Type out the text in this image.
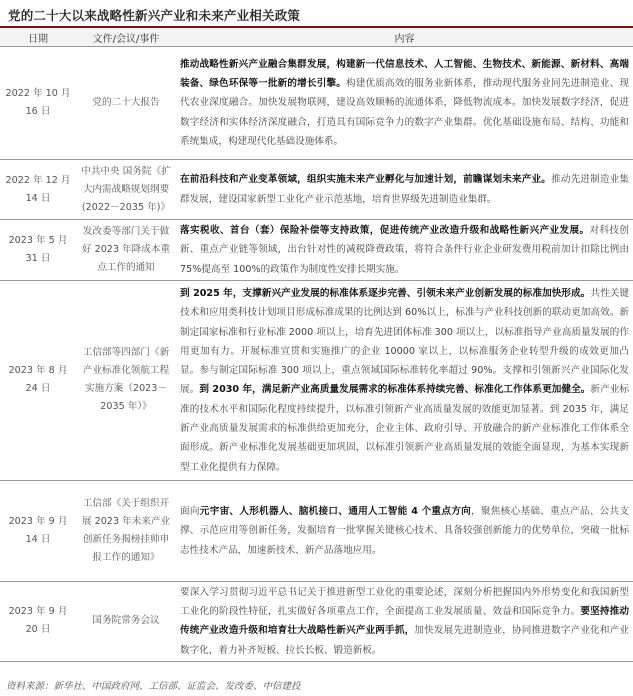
党的二十大以来战略性新兴产业和未来产业相关政策
日期	文件/会议/事件	内容
2022 年 10 月 16 日	党的二十大报告	推动战略性新兴产业融合集群发展，构建新一代信息技术、人工智能、生物技术、新能源、新材料、高端装备、绿色环保等一批新的增长引擎。构建优质高效的服务业新体系，推动现代服务业同先进制造业、现代农业深度融合。加快发展物联网，建设高效顺畅的流通体系，降低物流成本。加快发展数字经济，促进数字经济和实体经济深度融合，打造具有国际竞争力的数字产业集群。优化基础设施布局、结构、功能和系统集成，构建现代化基础设施体系。
2022 年 12 月 14 日	中共中央 国务院《扩大内需战略规划纲要(2022－2035 年)》	在前沿科技和产业变革领域，组织实施未来产业孵化与加速计划，前瞻谋划未来产业。推动先进制造业集群发展，建设国家新型工业化产业示范基地，培育世界级先进制造业集群。
2023 年 5 月 31 日	发改委等部门关于做好 2023 年降成本重点工作的通知	落实税收、首台（套）保险补偿等支持政策，促进传统产业改造升级和战略性新兴产业发展。对科技创新、重点产业链等领域，出台针对性的减税降费政策，将符合条件行业企业研发费用税前加计扣除比例由 75%提高至 100%的政策作为制度性安排长期实施。
2023 年 8 月 24 日	工信部等四部门《新产业标准化领航工程实施方案（2023－2035 年）》	到 2025 年，支撑新兴产业发展的标准体系逐步完善、引领未来产业创新发展的标准加快形成。共性关键技术和应用类科技计划项目形成标准成果的比例达到 60%以上，标准与产业科技创新的联动更加高效。新制定国家标准和行业标准 2000 项以上，培育先进团体标准 300 项以上，以标准指导产业高质量发展的作用更加有力。开展标准宣贯和实施推广的企业 10000 家以上，以标准服务企业转型升级的成效更加凸显。参与制定国际标准 300 项以上，重点领域国际标准转化率超过 90%。支撑和引领新兴产业国际化发展。到 2030 年，满足新产业高质量发展需求的标准体系持续完善、标准化工作体系更加健全。新产业标准的技术水平和国际化程度持续提升，以标准引领新产业高质量发展的效能更加显著。到 2035 年，满足新产业高质量发展需求的标准供给更加充分，企业主体、政府引导、开放融合的新产业标准化工作体系全面形成。新产业标准化发展基础更加巩固，以标准引领新产业高质量发展的效能全面显现，为基本实现新型工业化提供有力保障。
2023 年 9 月 14 日	工信部《关于组织开展 2023 年未来产业创新任务揭榜挂帅申报工作的通知》	面向元宇宙、人形机器人、脑机接口、通用人工智能 4 个重点方向，聚焦核心基础、重点产品、公共支撑、示范应用等创新任务，发掘培育一批掌握关键核心技术、具备较强创新能力的优势单位，突破一批标志性技术产品，加速新技术、新产品落地应用。
2023 年 9 月 20 日	国务院常务会议	要深入学习贯彻习近平总书记关于推进新型工业化的重要论述，深刻分析把握国内外形势变化和我国新型工业化的阶段性特征，扎实做好各项重点工作，全面提高工业发展质量、效益和国际竞争力。要坚持推动传统产业改造升级和培育壮大战略性新兴产业两手抓，加快发展先进制造业，协同推进数字产业化和产业数字化，着力补齐短板、拉长长板、锻造新板。
资料来源：新华社、中国政府网、工信部、证监会、发改委、中信建投
